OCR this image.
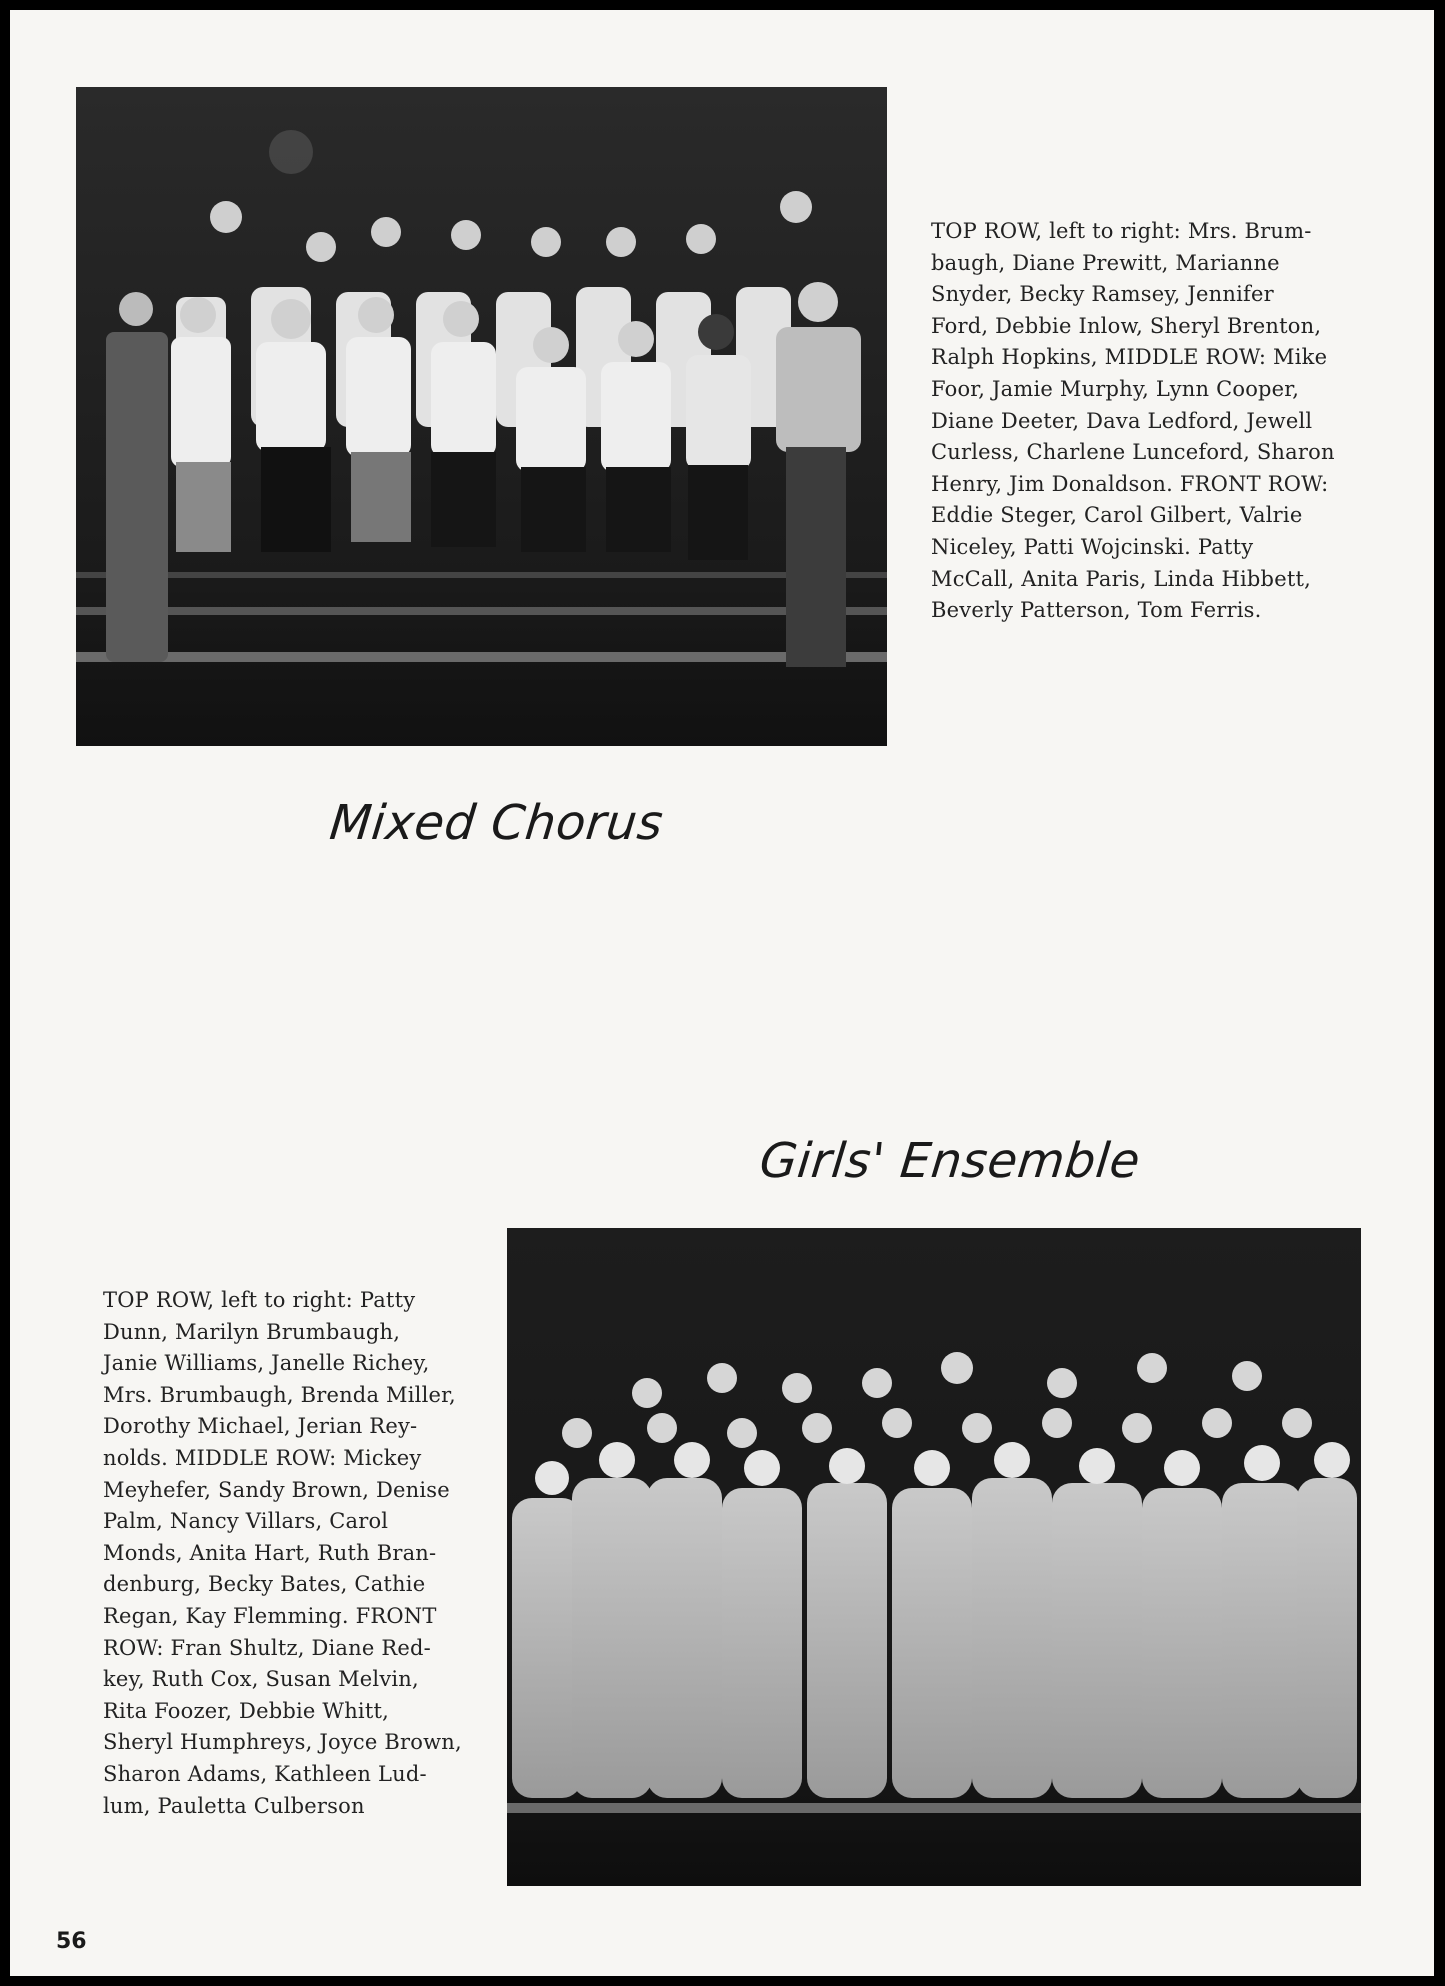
TOP ROW, left to right: Mrs. Brum-
baugh, Diane Prewitt, Marianne
Snyder, Becky Ramsey, Jennifer
Ford, Debbie Inlow, Sheryl Brenton,
Ralph Hopkins, MIDDLE ROW: Mike
Foor, Jamie Murphy, Lynn Cooper,
Diane Deeter, Dava Ledford, Jewell
Curless, Charlene Lunceford, Sharon
Henry, Jim Donaldson. FRONT ROW:
Eddie Steger, Carol Gilbert, Valrie
Niceley, Patti Wojcinski. Patty
McCall, Anita Paris, Linda Hibbett,
Beverly Patterson, Tom Ferris.
Mixed Chorus
Girls' Ensemble
TOP ROW, left to right: Patty
Dunn, Marilyn Brumbaugh,
Janie Williams, Janelle Richey,
Mrs. Brumbaugh, Brenda Miller,
Dorothy Michael, Jerian Rey-
nolds. MIDDLE ROW: Mickey
Meyhefer, Sandy Brown, Denise
Palm, Nancy Villars, Carol
Monds, Anita Hart, Ruth Bran-
denburg, Becky Bates, Cathie
Regan, Kay Flemming. FRONT
ROW: Fran Shultz, Diane Red-
key, Ruth Cox, Susan Melvin,
Rita Foozer, Debbie Whitt,
Sheryl Humphreys, Joyce Brown,
Sharon Adams, Kathleen Lud-
lum, Pauletta Culberson
56
